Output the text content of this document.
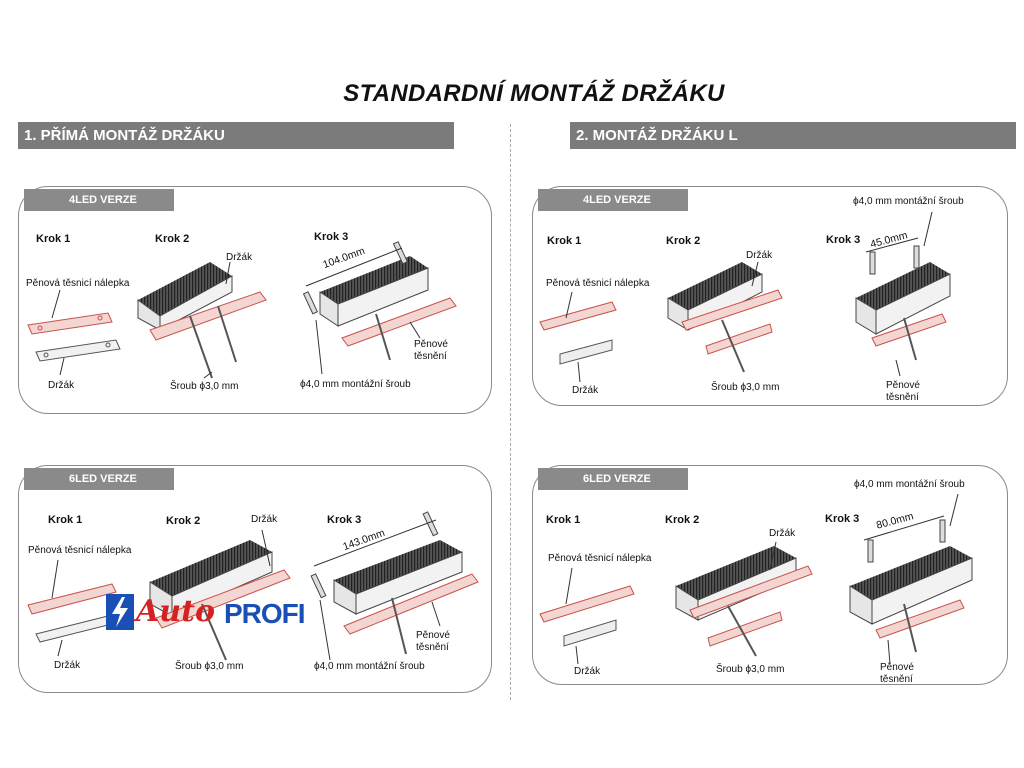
STANDARDNÍ MONTÁŽ DRŽÁKU
1. PŘÍMÁ MONTÁŽ DRŽÁKU	2. MONTÁŽ DRŽÁKU L
4LED VERZE
6LED VERZE
4LED VERZE
6LED VERZE
Krok 1	Krok 2	Krok 3
Pěnová těsnicí nálepka
Držák
Držák
Šroub ϕ3,0 mm	ϕ4,0 mm montážní šroub
Pěnové těsnění
104.0mm
Krok 1	Krok 2	Krok 3
Pěnová těsnicí nálepka
Držák
Držák
Šroub ϕ3,0 mm	ϕ4,0 mm montážní šroub
Pěnové těsnění
143.0mm
Krok 1	Krok 2	Krok 3
Pěnová těsnicí nálepka
Držák
Držák
Šroub ϕ3,0 mm
ϕ4,0 mm montážní šroub
Pěnové těsnění
45.0mm
Krok 1	Krok 2	Krok 3
Pěnová těsnicí nálepka
Držák
Držák
Šroub ϕ3,0 mm
ϕ4,0 mm montážní šroub
Pěnové těsnění
80.0mm
Auto PROFI
